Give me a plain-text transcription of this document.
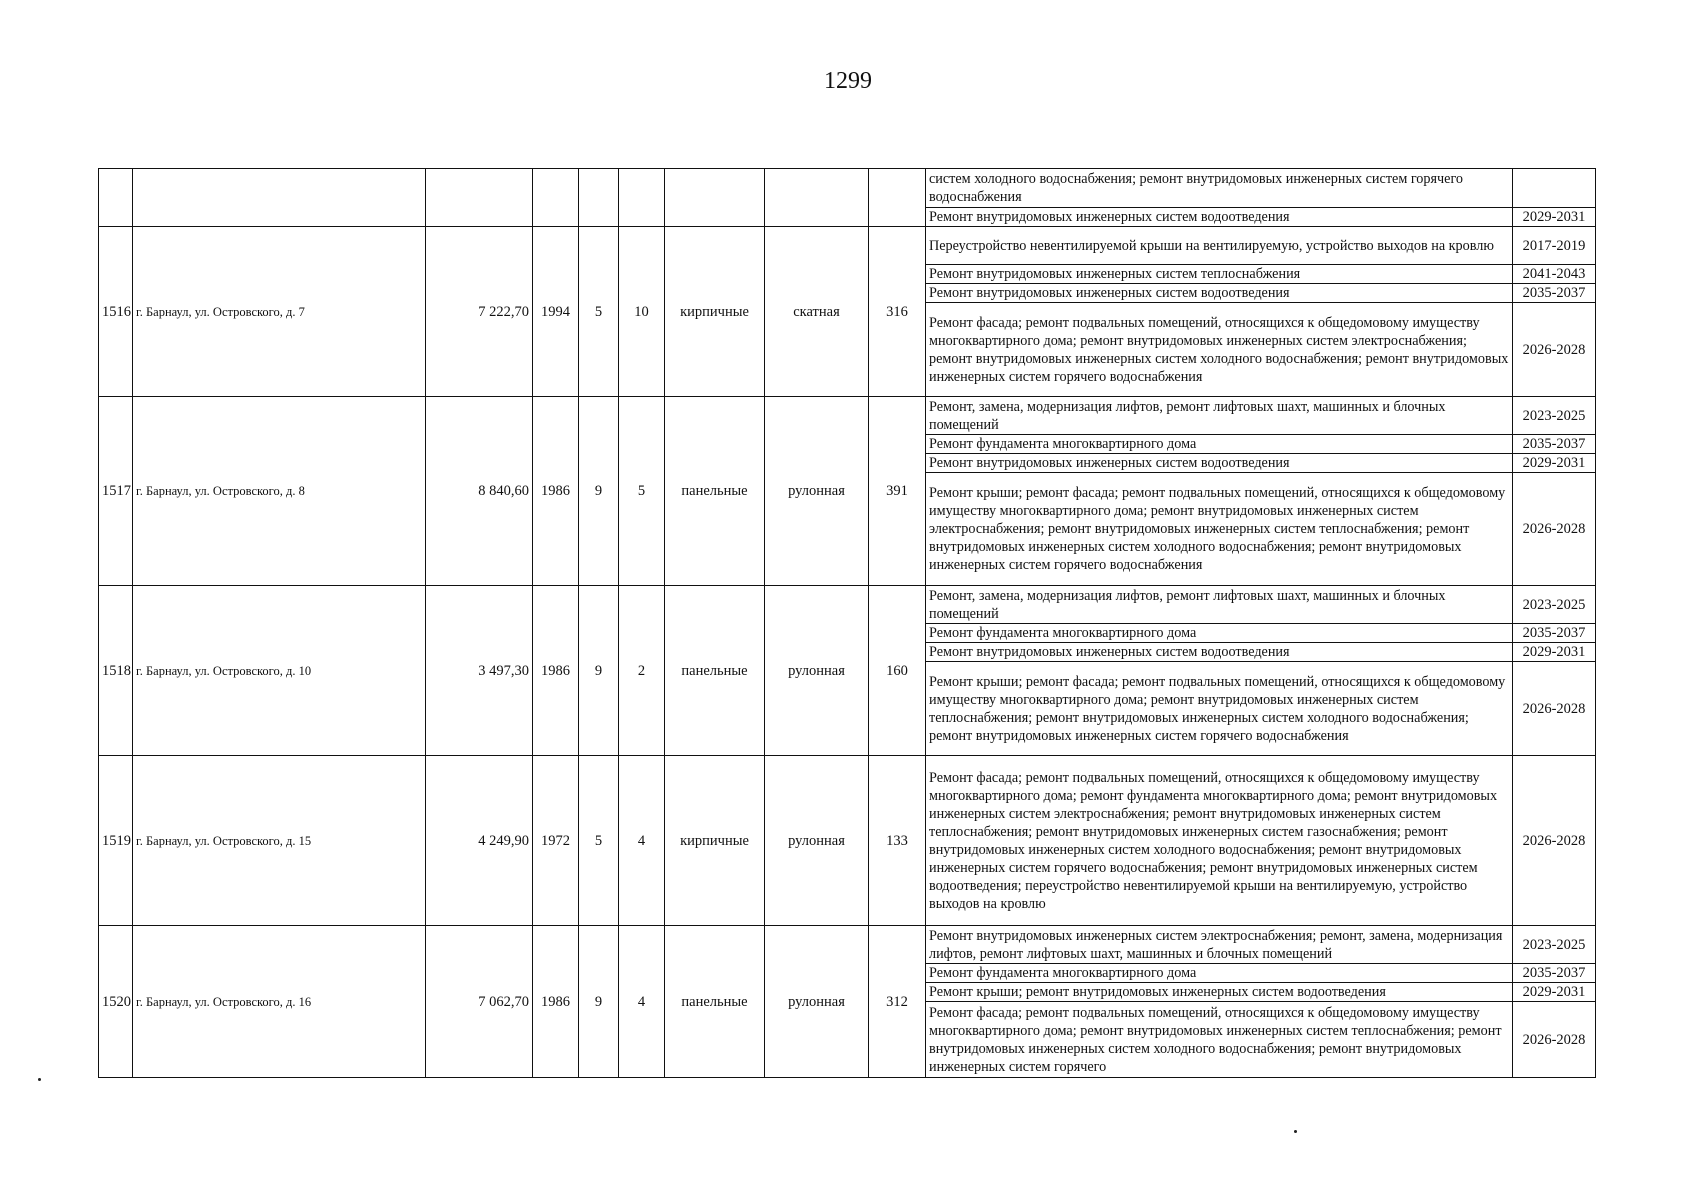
1299
									систем холодного водоснабжения; ремонт внутридомовых инженерных систем горячего водоснабжения	
									Ремонт внутридомовых инженерных систем водоотведения	2029-2031
1516	г. Барнаул, ул. Островского, д. 7	7 222,70	1994	5	10	кирпичные	скатная	316	Переустройство невентилируемой крыши на вентилируемую, устройство выходов на кровлю	2017-2019
									Ремонт внутридомовых инженерных систем теплоснабжения	2041-2043
									Ремонт внутридомовых инженерных систем водоотведения	2035-2037
									Ремонт фасада; ремонт подвальных помещений, относящихся к общедомовому имуществу многоквартирного дома; ремонт внутридомовых инженерных систем электроснабжения; ремонт внутридомовых инженерных систем холодного водоснабжения; ремонт внутридомовых инженерных систем горячего водоснабжения	2026-2028
1517	г. Барнаул, ул. Островского, д. 8	8 840,60	1986	9	5	панельные	рулонная	391	Ремонт, замена, модернизация лифтов, ремонт лифтовых шахт, машинных и блочных помещений	2023-2025
									Ремонт фундамента многоквартирного дома	2035-2037
									Ремонт внутридомовых инженерных систем водоотведения	2029-2031
									Ремонт крыши; ремонт фасада; ремонт подвальных помещений, относящихся к общедомовому имуществу многоквартирного дома; ремонт внутридомовых инженерных систем электроснабжения; ремонт внутридомовых инженерных систем теплоснабжения; ремонт внутридомовых инженерных систем холодного водоснабжения; ремонт внутридомовых инженерных систем горячего водоснабжения	2026-2028
1518	г. Барнаул, ул. Островского, д. 10	3 497,30	1986	9	2	панельные	рулонная	160	Ремонт, замена, модернизация лифтов, ремонт лифтовых шахт, машинных и блочных помещений	2023-2025
									Ремонт фундамента многоквартирного дома	2035-2037
									Ремонт внутридомовых инженерных систем водоотведения	2029-2031
									Ремонт крыши; ремонт фасада; ремонт подвальных помещений, относящихся к общедомовому имуществу многоквартирного дома; ремонт внутридомовых инженерных систем теплоснабжения; ремонт внутридомовых инженерных систем холодного водоснабжения; ремонт внутридомовых инженерных систем горячего водоснабжения	2026-2028
1519	г. Барнаул, ул. Островского, д. 15	4 249,90	1972	5	4	кирпичные	рулонная	133	Ремонт фасада; ремонт подвальных помещений, относящихся к общедомовому имуществу многоквартирного дома; ремонт фундамента многоквартирного дома; ремонт внутридомовых инженерных систем электроснабжения; ремонт внутридомовых инженерных систем теплоснабжения; ремонт внутридомовых инженерных систем газоснабжения; ремонт внутридомовых инженерных систем холодного водоснабжения; ремонт внутридомовых инженерных систем горячего водоснабжения; ремонт внутридомовых инженерных систем водоотведения; переустройство невентилируемой крыши на вентилируемую, устройство выходов на кровлю	2026-2028
1520	г. Барнаул, ул. Островского, д. 16	7 062,70	1986	9	4	панельные	рулонная	312	Ремонт внутридомовых инженерных систем электроснабжения; ремонт, замена, модернизация лифтов, ремонт лифтовых шахт, машинных и блочных помещений	2023-2025
									Ремонт фундамента многоквартирного дома	2035-2037
									Ремонт крыши; ремонт внутридомовых инженерных систем водоотведения	2029-2031
									Ремонт фасада; ремонт подвальных помещений, относящихся к общедомовому имуществу многоквартирного дома; ремонт внутридомовых инженерных систем теплоснабжения; ремонт внутридомовых инженерных систем холодного водоснабжения; ремонт внутридомовых инженерных систем горячего	2026-2028
